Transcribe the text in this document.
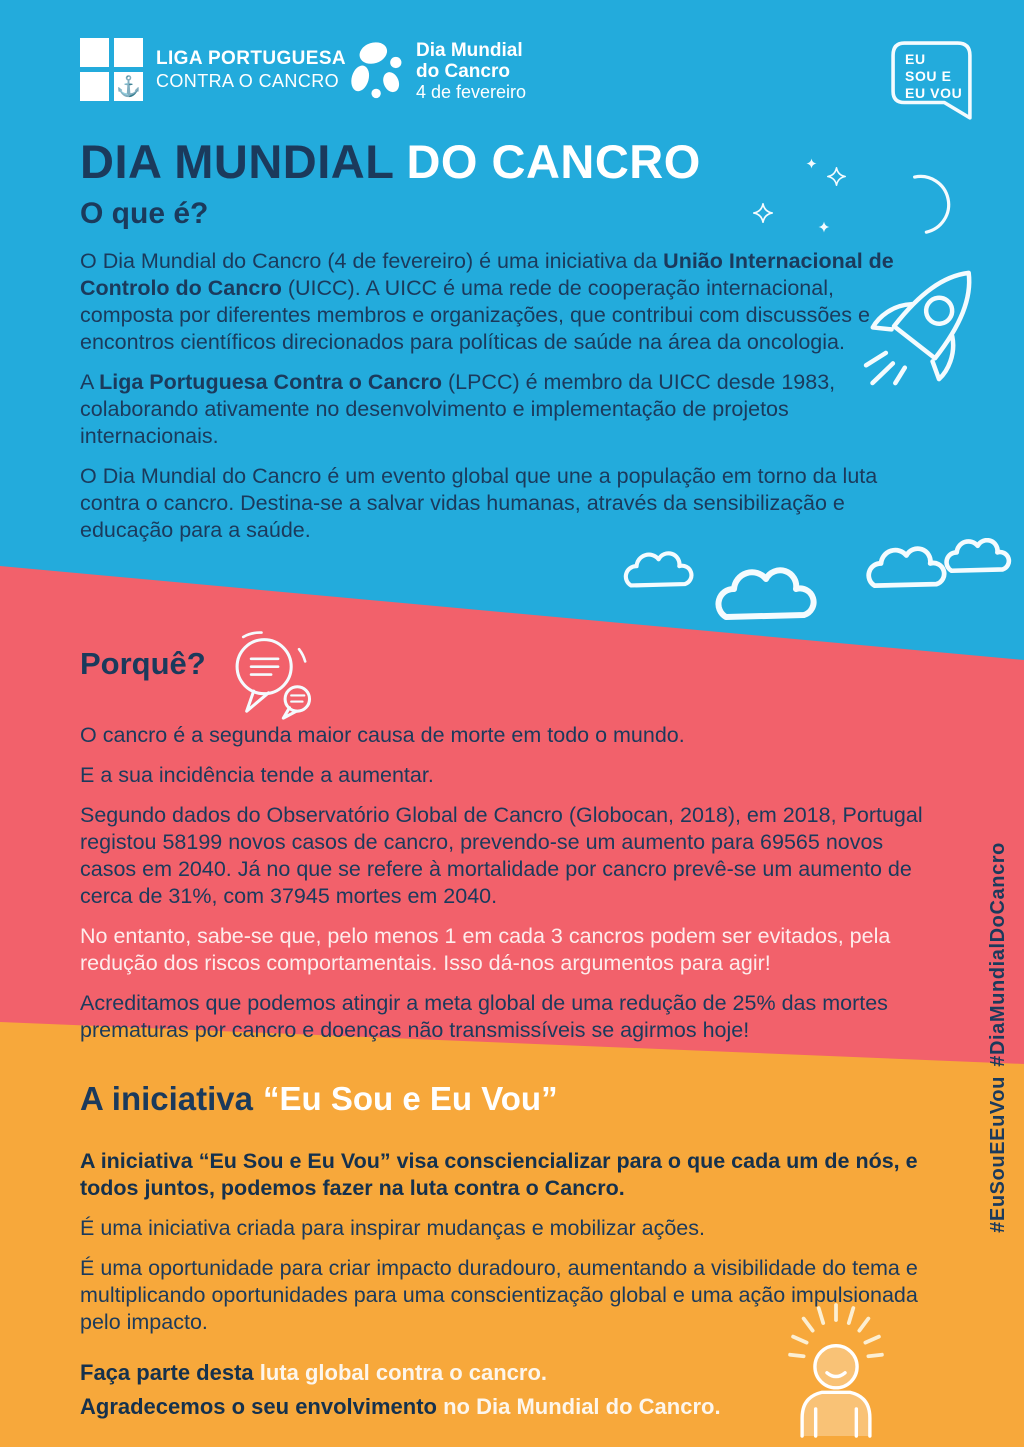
⚓
LIGA PORTUGUESA
CONTRA O CANCRO
Dia Mundial
do Cancro
4 de fevereiro
EU
SOU E
EU VOU
DIA MUNDIAL DO CANCRO
O que é?

O Dia Mundial do Cancro (4 de fevereiro) é uma iniciativa da União Internacional de Controlo do Cancro (UICC). A UICC é uma rede de cooperação internacional, composta por diferentes membros e organizações, que contribui com discussões e encontros científicos direcionados para políticas de saúde na área da oncologia.

A Liga Portuguesa Contra o Cancro (LPCC) é membro da UICC desde 1983, colaborando ativamente no desenvolvimento e implementação de projetos internacionais.

O Dia Mundial do Cancro é um evento global que une a população em torno da luta contra o cancro. Destina-se a salvar vidas humanas, através da sensibilização e educação para a saúde.

Porquê?

O cancro é a segunda maior causa de morte em todo o mundo.

E a sua incidência tende a aumentar.

Segundo dados do Observatório Global de Cancro (Globocan, 2018), em 2018, Portugal registou 58199 novos casos de cancro, prevendo-se um aumento para 69565 novos casos em 2040. Já no que se refere à mortalidade por cancro prevê-se um aumento de cerca de 31%, com 37945 mortes em 2040.

No entanto, sabe-se que, pelo menos 1 em cada 3 cancros podem ser evitados, pela redução dos riscos comportamentais. Isso dá-nos argumentos para agir!

Acreditamos que podemos atingir a meta global de uma redução de 25% das mortes prematuras por cancro e doenças não transmissíveis se agirmos hoje!

A iniciativa “Eu Sou e Eu Vou”

A iniciativa “Eu Sou e Eu Vou” visa consciencializar para o que cada um de nós, e todos juntos, podemos fazer na luta contra o Cancro.

É uma iniciativa criada para inspirar mudanças e mobilizar ações.

É uma oportunidade para criar impacto duradouro, aumentando a visibilidade do tema e multiplicando oportunidades para uma conscientização global e uma ação impulsionada pelo impacto.

Faça parte desta luta global contra o cancro.
Agradecemos o seu envolvimento no Dia Mundial do Cancro.
#DiaMundialDoCancro
#EuSouEEuVou
